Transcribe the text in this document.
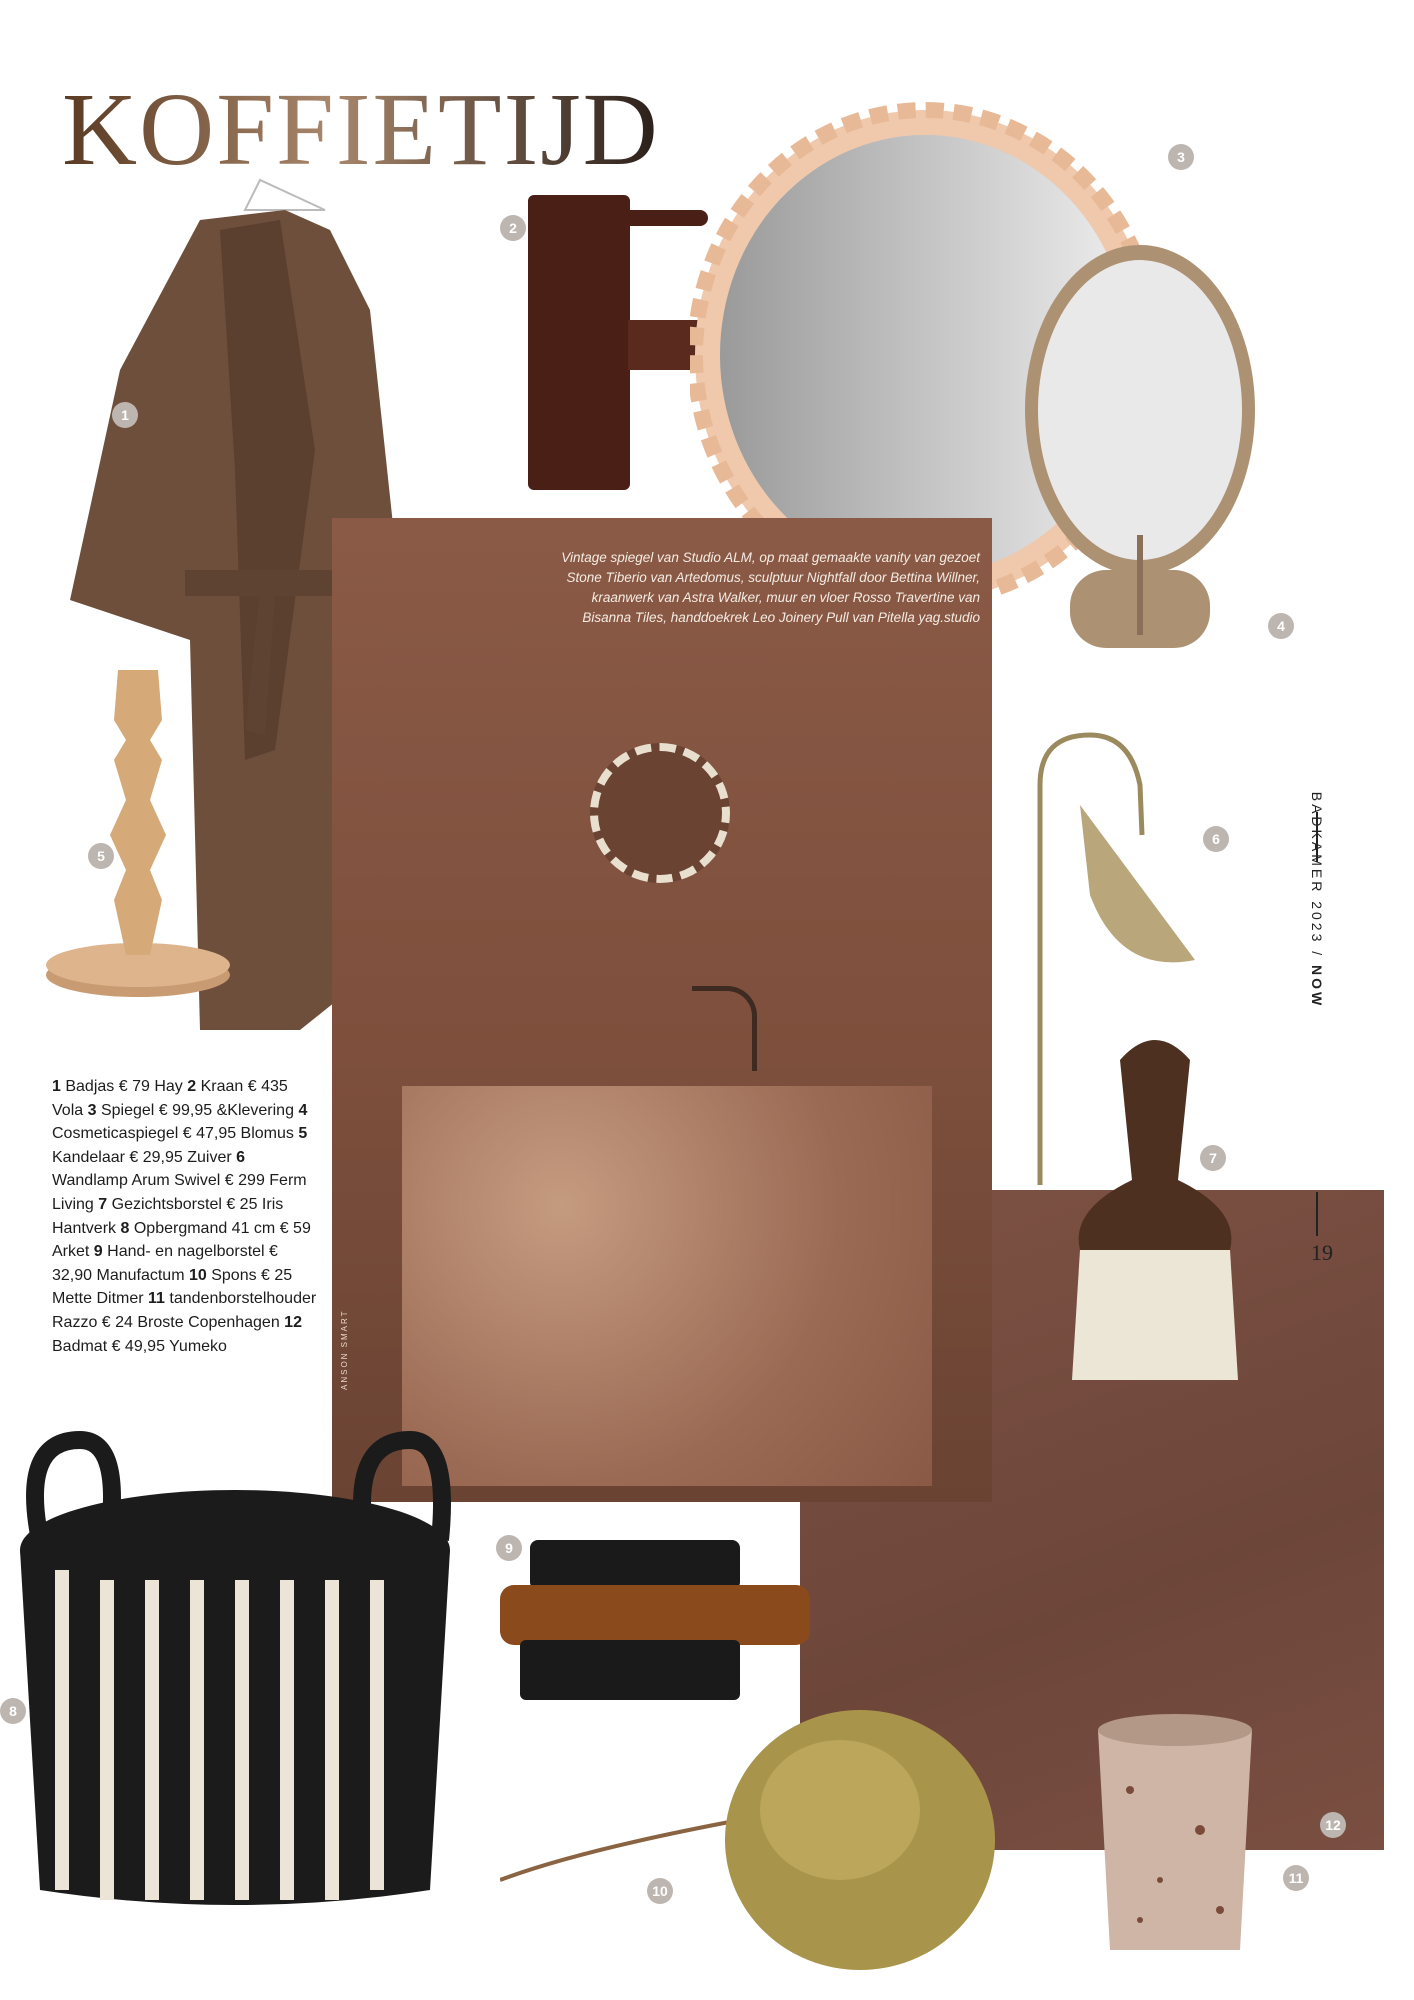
KOFFIETIJD
Vintage spiegel van Studio ALM, op maat gemaakte vanity van gezoet Stone Tiberio van Artedomus, sculptuur Nightfall door Bettina Willner, kraanwerk van Astra Walker, muur en vloer Rosso Travertine van Bisanna Tiles, handdoekrek Leo Joinery Pull van Pitella yag.studio
ANSON SMART
1
2
3
4
5
6
7
8
9
10
11
12
1 Badjas € 79 Hay 2 Kraan € 435 Vola 3 Spiegel € 99,95 &Klevering 4 Cosmeticaspiegel € 47,95 Blomus 5 Kandelaar € 29,95 Zuiver 6 Wandlamp Arum Swivel € 299 Ferm Living 7 Gezichtsborstel € 25 Iris Hantverk 8 Opbergmand 41 cm € 59 Arket 9 Hand- en nagelborstel € 32,90 Manufactum 10 Spons € 25 Mette Ditmer 11 tandenborstelhouder Razzo € 24 Broste Copenhagen 12 Badmat € 49,95 Yumeko
BADKAMER 2023 / NOW
19
